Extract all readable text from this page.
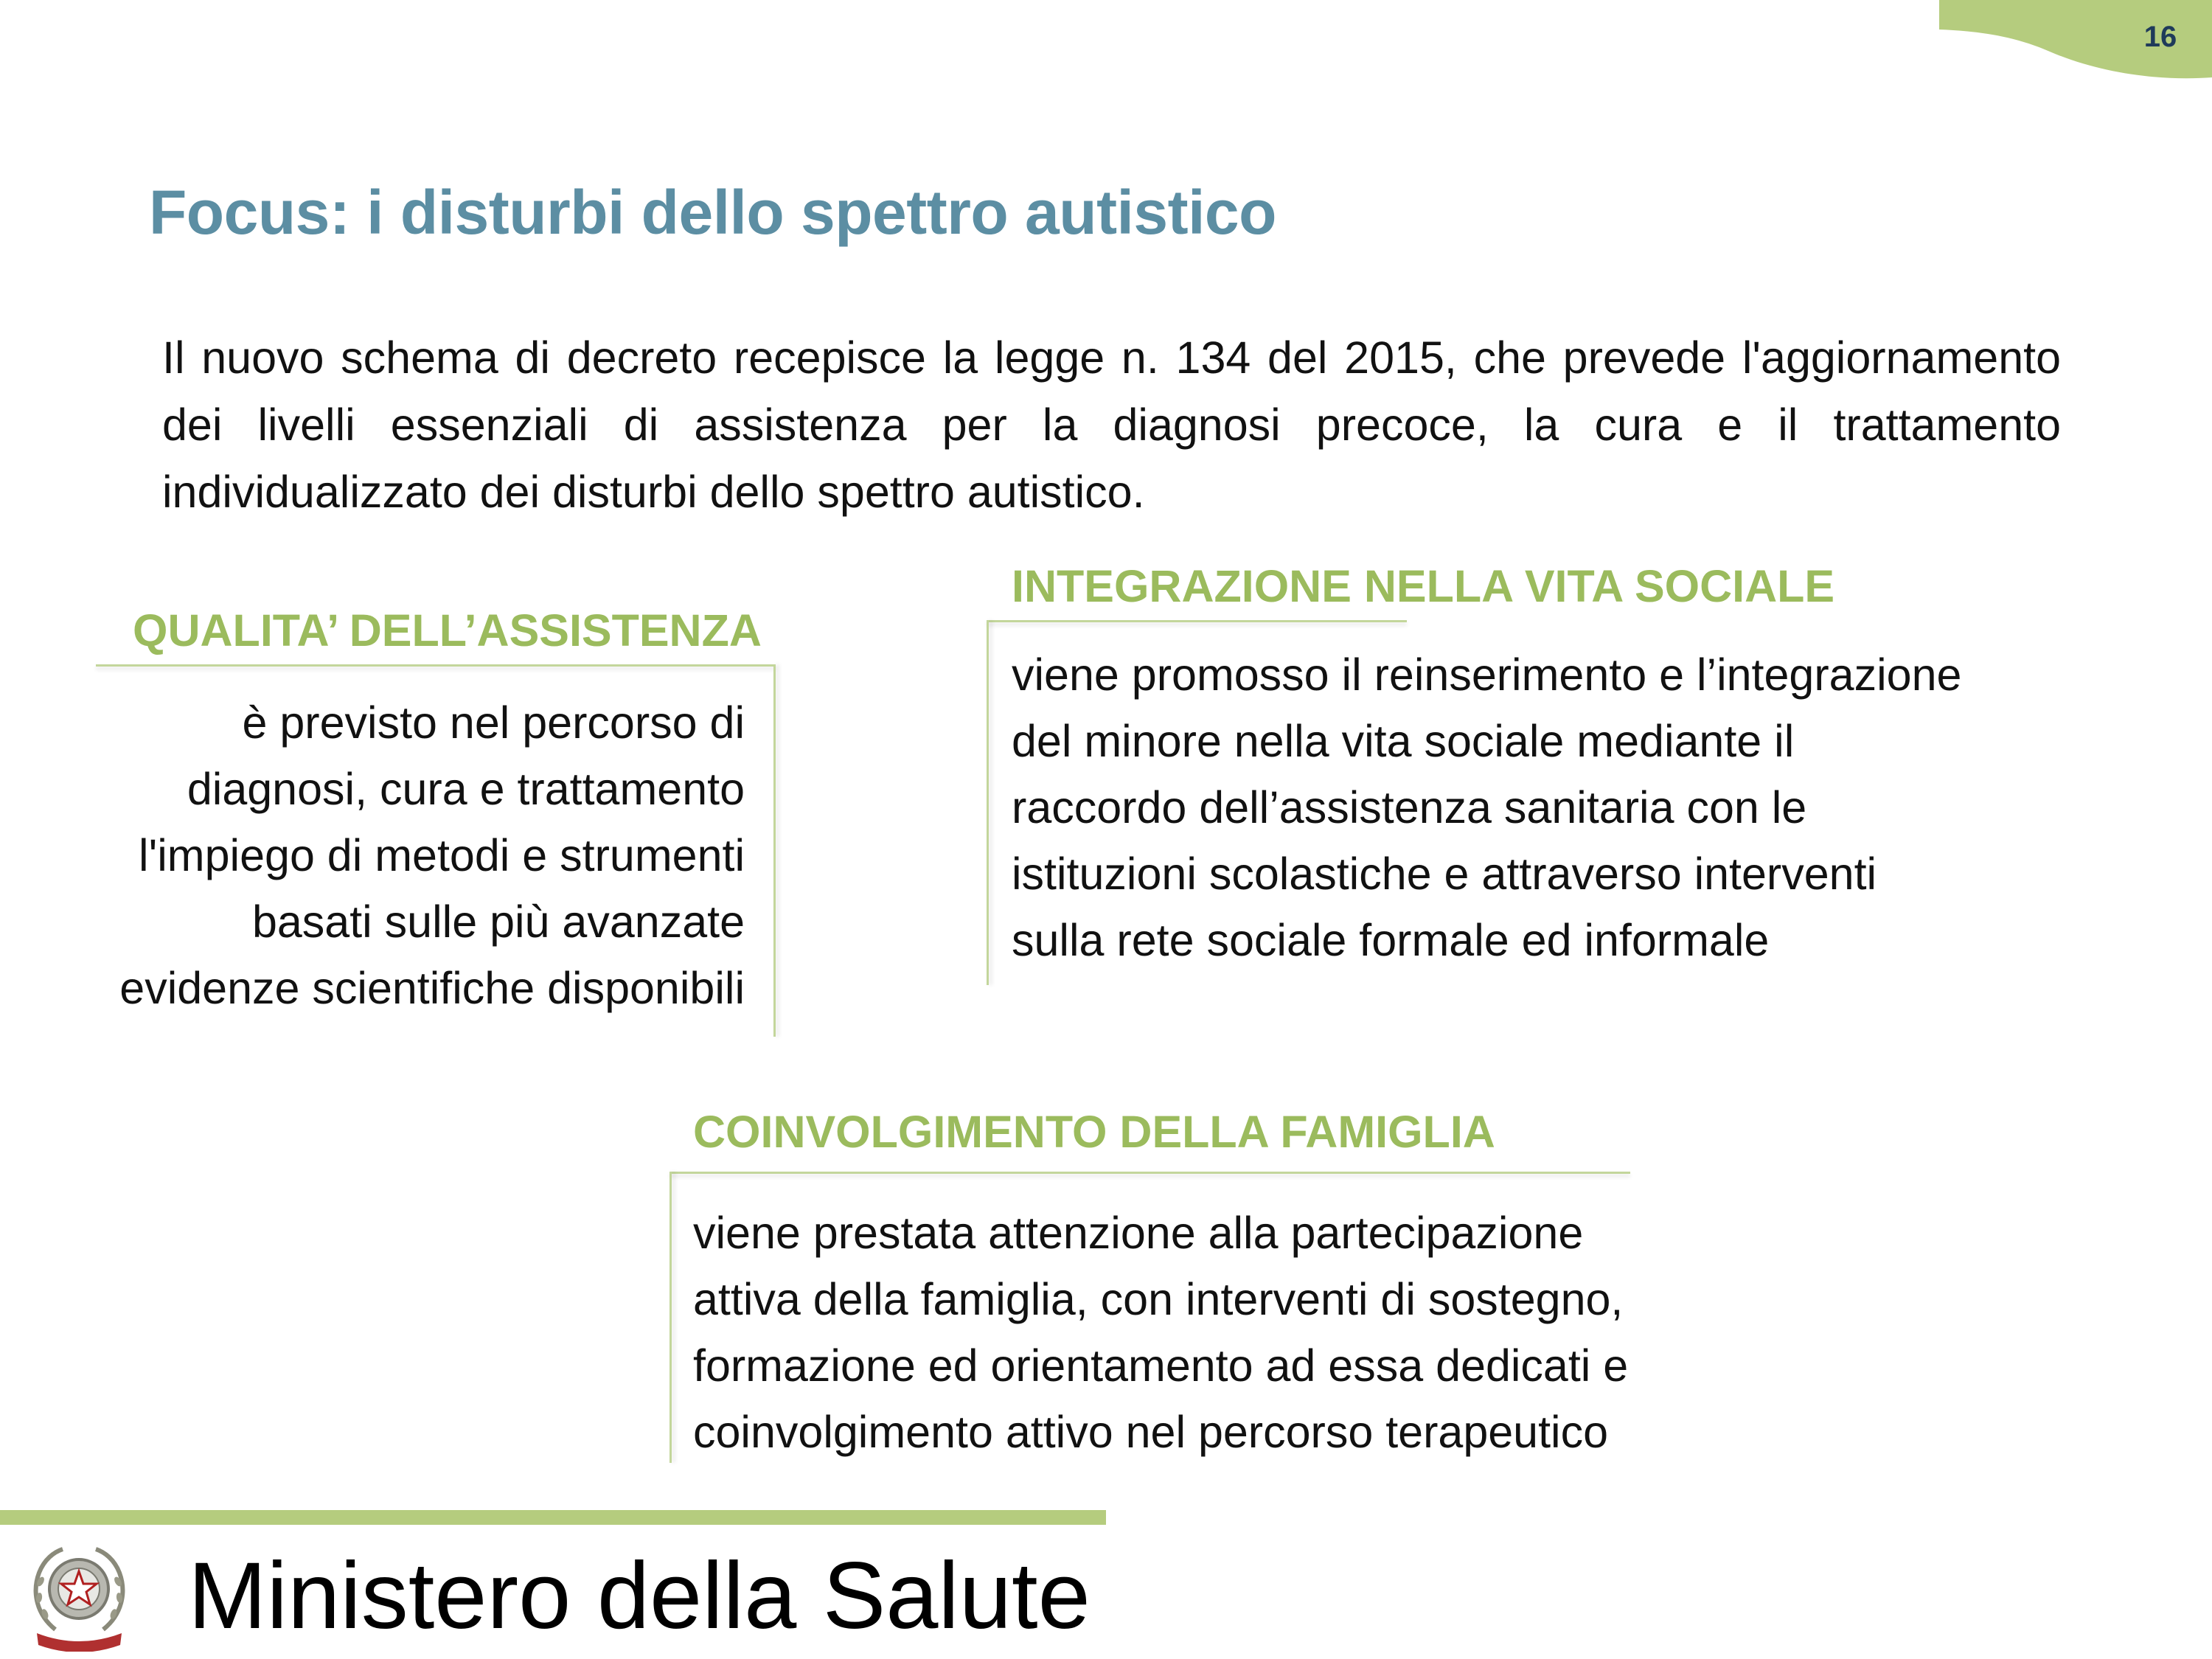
16
Focus: i disturbi dello spettro autistico
Il nuovo schema di decreto recepisce la legge n. 134 del 2015, che prevede l'aggiornamento dei livelli essenziali di assistenza per la diagnosi precoce, la cura e il trattamento individualizzato dei disturbi dello spettro autistico.
QUALITA’ DELL’ASSISTENZA
è previsto nel percorso di
diagnosi, cura e trattamento
l'impiego di metodi e strumenti
basati sulle più avanzate
evidenze scientifiche disponibili
INTEGRAZIONE NELLA VITA SOCIALE
viene promosso il reinserimento e l’integrazione
del minore nella vita sociale mediante il
raccordo dell’assistenza sanitaria con le
istituzioni scolastiche e attraverso interventi
sulla rete sociale formale ed informale
COINVOLGIMENTO DELLA FAMIGLIA
viene prestata attenzione alla partecipazione
attiva della famiglia, con interventi di sostegno,
formazione ed orientamento ad essa dedicati e
coinvolgimento attivo nel percorso terapeutico
Ministero della Salute
